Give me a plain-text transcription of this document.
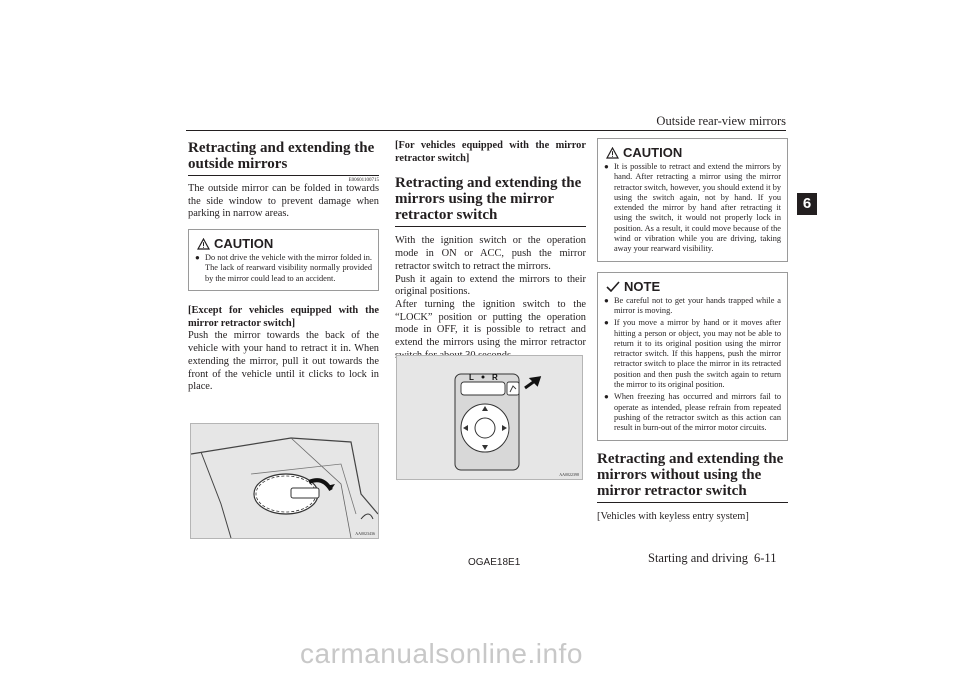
Outside rear-view mirrors
6
Retracting and extending the outside mirrors
E00601100715

The outside mirror can be folded in towards the side window to prevent damage when parking in narrow areas.

CAUTION
● Do not drive the vehicle with the mirror folded in. The lack of rearward visibility normally provided by the mirror could lead to an accident.
[Except for vehicles equipped with the mirror retractor switch]

Push the mirror towards the back of the vehicle with your hand to retract it in. When extending the mirror, pull it out towards the front of the vehicle until it clicks to lock in place.

AA0023436
[For vehicles equipped with the mirror retractor switch]
Retracting and extending the mirrors using the mirror retractor switch

With the ignition switch or the operation mode in ON or ACC, push the mirror retractor switch to retract the mirrors.

Push it again to extend the mirrors to their original positions.

After turning the ignition switch to the “LOCK” position or putting the operation mode in OFF, it is possible to retract and extend the mirrors using the mirror retractor

L R
AA0022398
CAUTION
● It is possible to retract and extend the mirrors by hand. After retracting a mirror using the mirror retractor switch, however, you should extend it by using the switch again, not by hand. If you extended the mirror by hand after retracting it using the switch, it would not properly lock in position. As a result, it could move because of the wind or vibration while you are driving, taking away your rearward visibility.
NOTE
● Be careful not to get your hands trapped while a mirror is moving.
● If you move a mirror by hand or it moves after hitting a person or object, you may not be able to return it to its original position using the mirror retractor switch. If this happens, push the mirror retractor switch to place the mirror in its retracted position and then push the switch again to return the mirror to its original position.
● When freezing has occurred and mirrors fail to operate as intended, please refrain from repeated pushing of the retractor switch as this action can result in burn-out of the mirror motor circuits.
Retracting and extending the mirrors without using the mirror retractor switch
[Vehicles with keyless entry system]
OGAE18E1	Starting and driving 6-11
carmanualsonline.info
